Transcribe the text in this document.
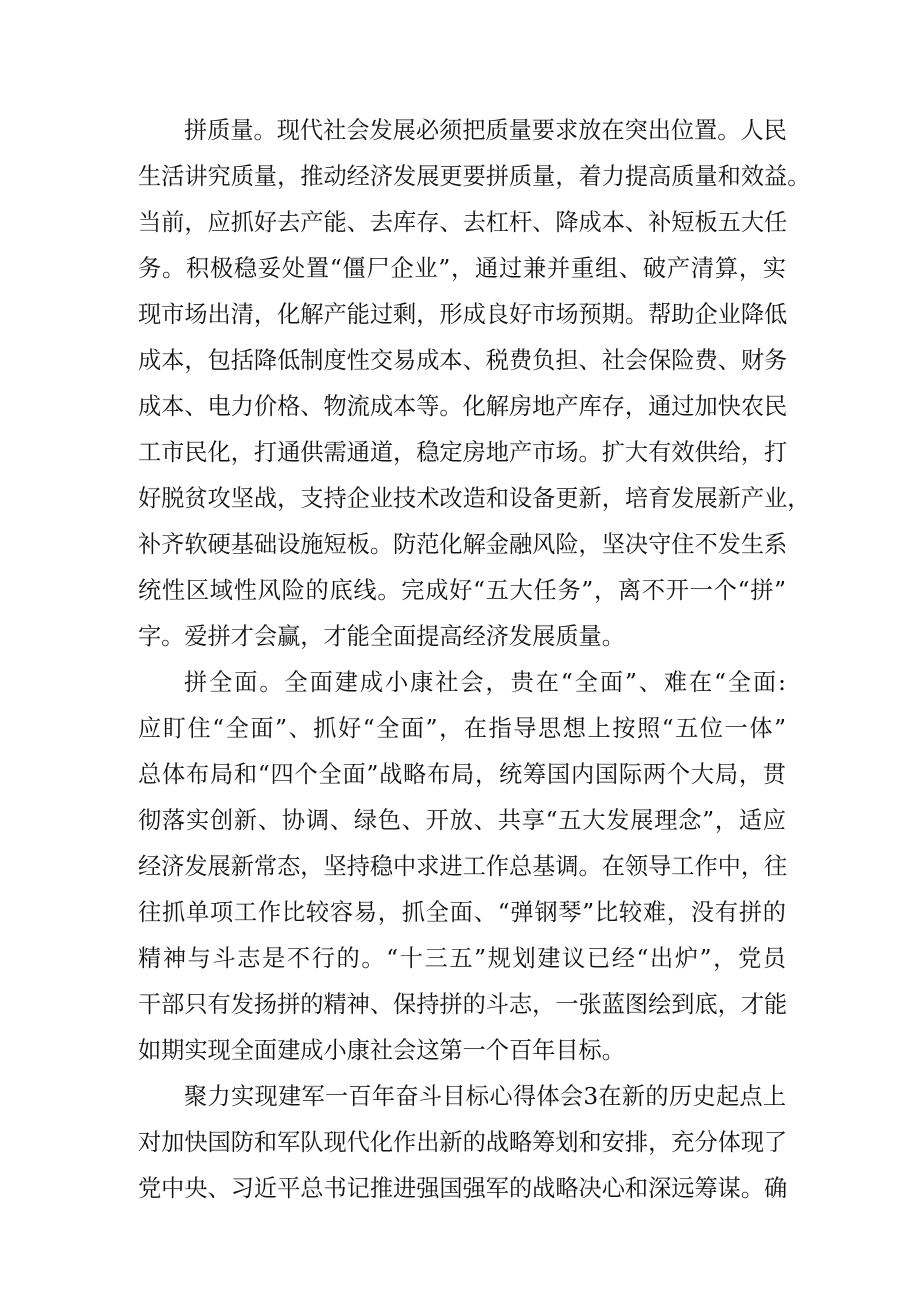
拼质量。现代社会发展必须把质量要求放在突出位置。人民
生活讲究质量，推动经济发展更要拼质量，着力提高质量和效益。
当前，应抓好去产能、去库存、去杠杆、降成本、补短板五大任
务。积极稳妥处置“僵尸企业”，通过兼并重组、破产清算，实
现市场出清，化解产能过剩，形成良好市场预期。帮助企业降低
成本，包括降低制度性交易成本、税费负担、社会保险费、财务
成本、电力价格、物流成本等。化解房地产库存，通过加快农民
工市民化，打通供需通道，稳定房地产市场。扩大有效供给，打
好脱贫攻坚战，支持企业技术改造和设备更新，培育发展新产业，
补齐软硬基础设施短板。防范化解金融风险，坚决守住不发生系
统性区域性风险的底线。完成好“五大任务”，离不开一个“拼”
字。爱拼才会赢，才能全面提高经济发展质量。
拼全面。全面建成小康社会，贵在“全面”、难在“全面:
应盯住“全面”、抓好“全面”，在指导思想上按照“五位一体”
总体布局和“四个全面”战略布局，统筹国内国际两个大局，贯
彻落实创新、协调、绿色、开放、共享“五大发展理念”，适应
经济发展新常态，坚持稳中求进工作总基调。在领导工作中，往
往抓单项工作比较容易，抓全面、“弹钢琴”比较难，没有拼的
精神与斗志是不行的。“十三五”规划建议已经“出炉”，党员
干部只有发扬拼的精神、保持拼的斗志，一张蓝图绘到底，才能
如期实现全面建成小康社会这第一个百年目标。
聚力实现建军一百年奋斗目标心得体会3在新的历史起点上
对加快国防和军队现代化作出新的战略筹划和安排，充分体现了
党中央、习近平总书记推进强国强军的战略决心和深远筹谋。确
